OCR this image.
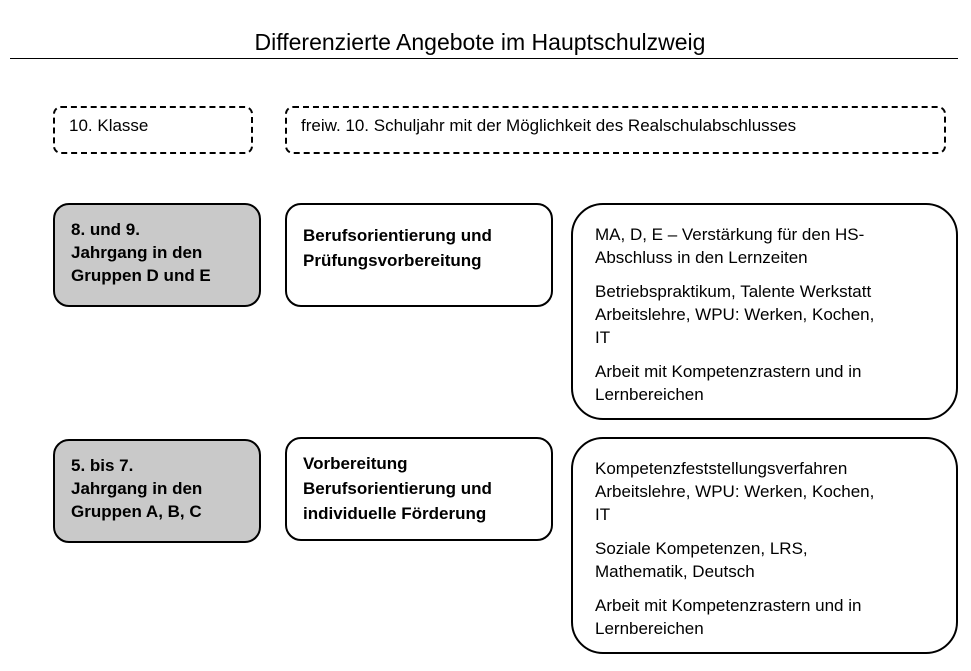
Differenzierte Angebote im Hauptschulzweig
10. Klasse	freiw. 10. Schuljahr mit der Möglichkeit des Realschulabschlusses
8. und 9.
Jahrgang in den
Gruppen D und E
Berufsorientierung und
Prüfungsvorbereitung

MA, D, E – Verstärkung für den HS-
Abschluss in den Lernzeiten

Betriebspraktikum, Talente Werkstatt
Arbeitslehre, WPU: Werken, Kochen,
IT

Arbeit mit Kompetenzrastern und in
Lernbereichen

5. bis 7.
Jahrgang in den
Gruppen A, B, C
Vorbereitung
Berufsorientierung und
individuelle Förderung

Kompetenzfeststellungsverfahren
Arbeitslehre, WPU: Werken, Kochen,
IT

Soziale Kompetenzen, LRS,
Mathematik, Deutsch

Arbeit mit Kompetenzrastern und in
Lernbereichen
